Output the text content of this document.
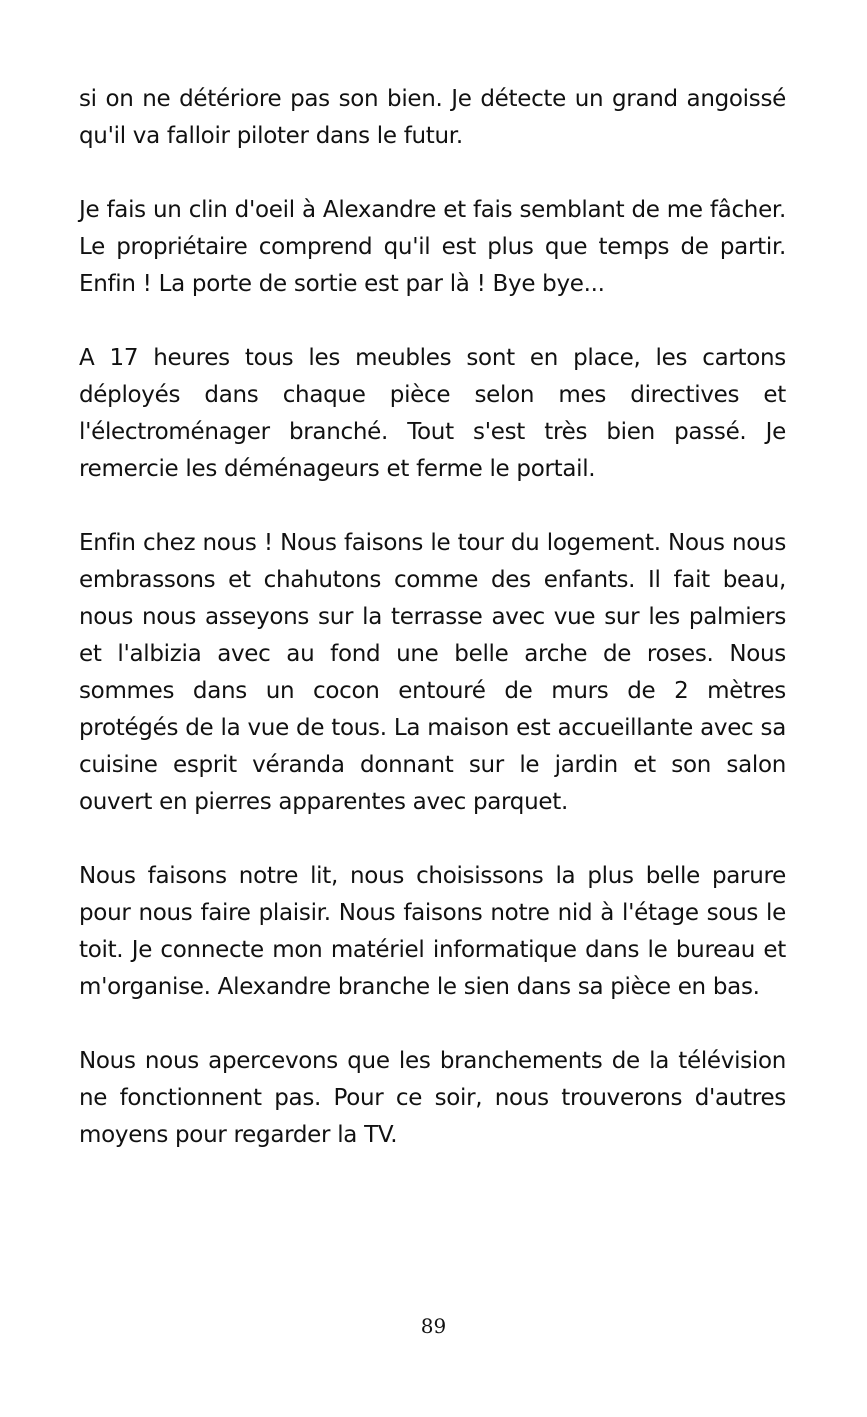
si on ne détériore pas son bien. Je détecte un grand angoissé qu'il va falloir piloter dans le futur.

Je fais un clin d'oeil à Alexandre et fais semblant de me fâcher. Le propriétaire comprend qu'il est plus que temps de partir. Enfin ! La porte de sortie est par là ! Bye bye...

A 17 heures tous les meubles sont en place, les cartons déployés dans chaque pièce selon mes directives et l'électroménager branché. Tout s'est très bien passé. Je remercie les déménageurs et ferme le portail.

Enfin chez nous ! Nous faisons le tour du logement. Nous nous embrassons et chahutons comme des enfants. Il fait beau, nous nous asseyons sur la terrasse avec vue sur les palmiers et l'albizia avec au fond une belle arche de roses. Nous sommes dans un cocon entouré de murs de 2 mètres protégés de la vue de tous. La maison est accueillante avec sa cuisine esprit véranda donnant sur le jardin et son salon ouvert en pierres apparentes avec parquet.

Nous faisons notre lit, nous choisissons la plus belle parure pour nous faire plaisir. Nous faisons notre nid à l'étage sous le toit. Je connecte mon matériel informatique dans le bureau et m'organise. Alexandre branche le sien dans sa pièce en bas.

Nous nous apercevons que les branchements de la télévision ne fonctionnent pas. Pour ce soir, nous trouverons d'autres moyens pour regarder la TV.

89
